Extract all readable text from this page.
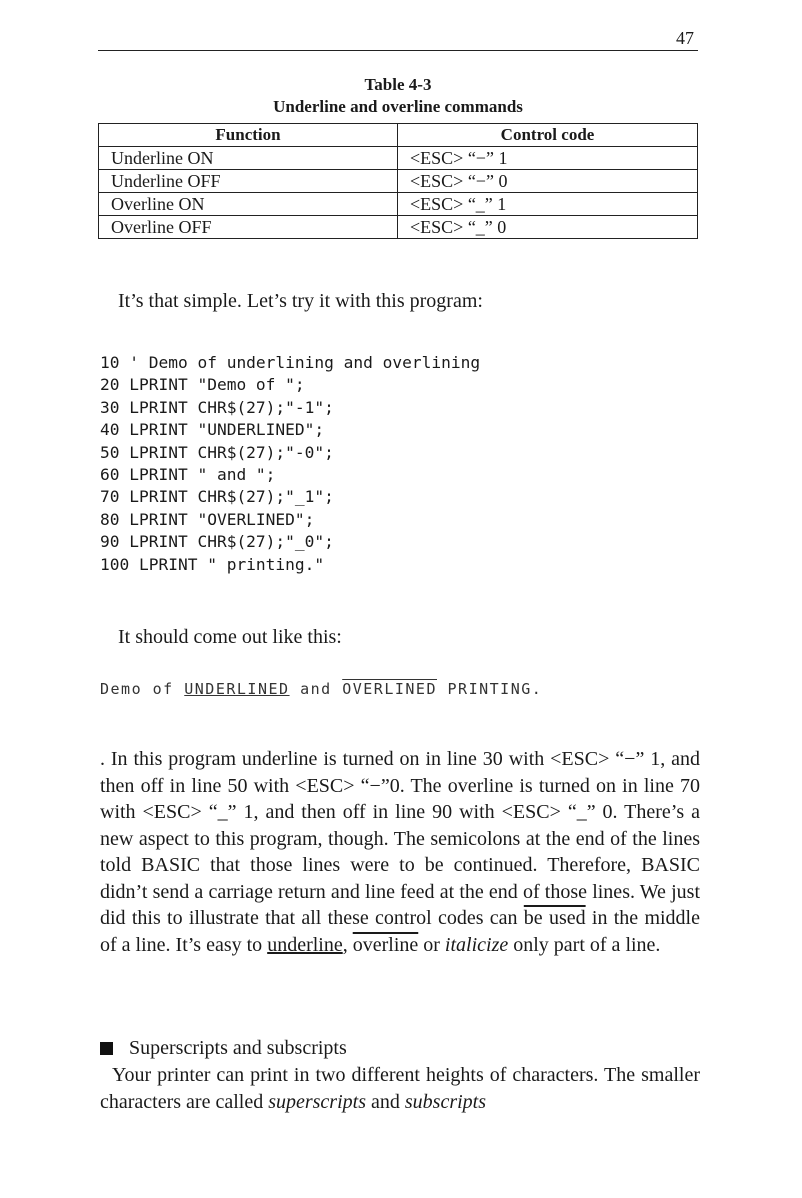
47
Table 4-3
Underline and overline commands
Function	Control code
Underline ON	<ESC> “−” 1
Underline OFF	<ESC> “−” 0
Overline ON	<ESC> “_” 1
Overline OFF	<ESC> “_” 0

It’s that simple. Let’s try it with this program:

10 ' Demo of underlining and overlining
20 LPRINT "Demo of ";
30 LPRINT CHR$(27);"-1";
40 LPRINT "UNDERLINED";
50 LPRINT CHR$(27);"-0";
60 LPRINT " and ";
70 LPRINT CHR$(27);"_1";
80 LPRINT "OVERLINED";
90 LPRINT CHR$(27);"_0";
100 LPRINT " printing."

It should come out like this:

Demo of UNDERLINED and OVERLINED PRINTING.

. In this program underline is turned on in line 30 with <ESC> “−” 1, and then off in line 50 with <ESC> “−”0. The overline is turned on in line 70 with <ESC> “_” 1, and then off in line 90 with <ESC> “_” 0. There’s a new aspect to this program, though. The semicolons at the end of the lines told BASIC that those lines were to be continued. Therefore, BASIC didn’t send a carriage return and line feed at the end of those lines. We just did this to illustrate that all these control codes can be used in the middle of a line. It’s easy to underline, overline or italicize only part of a line.

Superscripts and subscripts

Your printer can print in two different heights of characters. The smaller characters are called superscripts and subscripts
